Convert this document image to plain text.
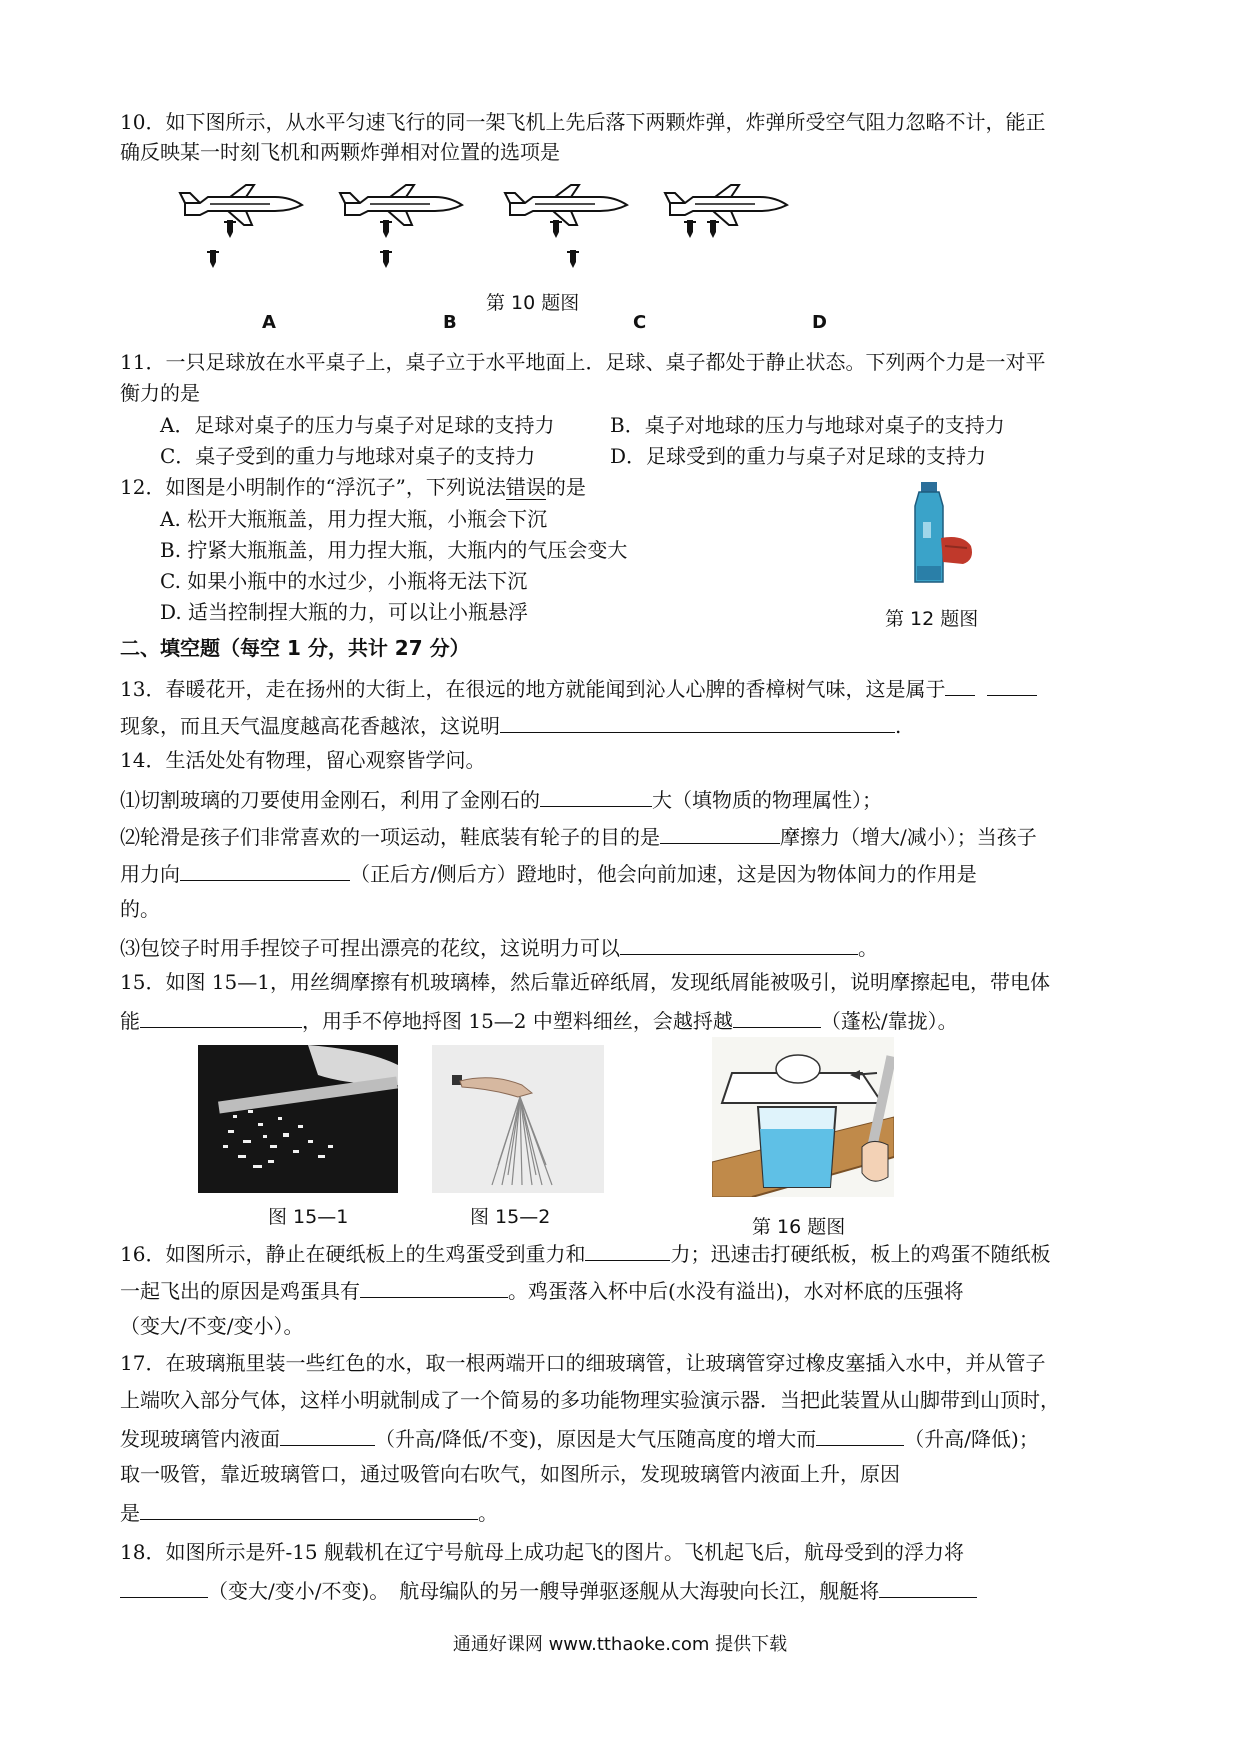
10．如下图所示，从水平匀速飞行的同一架飞机上先后落下两颗炸弹，炸弹所受空气阻力忽略不计，能正
确反映某一时刻飞机和两颗炸弹相对位置的选项是
第 10 题图
A	B	C	D
11．一只足球放在水平桌子上，桌子立于水平地面上．足球、桌子都处于静止状态。下列两个力是一对平
衡力的是
A．足球对桌子的压力与桌子对足球的支持力	B．桌子对地球的压力与地球对桌子的支持力
C．桌子受到的重力与地球对桌子的支持力	D．足球受到的重力与桌子对足球的支持力
12．如图是小明制作的“浮沉子”，下列说法错误的是
A. 松开大瓶瓶盖，用力捏大瓶，小瓶会下沉
B. 拧紧大瓶瓶盖，用力捏大瓶，大瓶内的气压会变大
C. 如果小瓶中的水过少，小瓶将无法下沉
D. 适当控制捏大瓶的力，可以让小瓶悬浮	第 12 题图
二、填空题（每空 1 分，共计 27 分）
13．春暖花开，走在扬州的大街上，在很远的地方就能闻到沁人心脾的香樟树气味，这是属于
现象，而且天气温度越高花香越浓，这说明	.
14．生活处处有物理，留心观察皆学问。
⑴切割玻璃的刀要使用金刚石，利用了金刚石的	大（填物质的物理属性）；
⑵轮滑是孩子们非常喜欢的一项运动，鞋底装有轮子的目的是	摩擦力（增大/减小）；当孩子
用力向	（正后方/侧后方）蹬地时，他会向前加速，这是因为物体间力的作用是
的。
⑶包饺子时用手捏饺子可捏出漂亮的花纹，这说明力可以	。
15．如图 15—1，用丝绸摩擦有机玻璃棒，然后靠近碎纸屑，发现纸屑能被吸引，说明摩擦起电，带电体
能	，用手不停地捋图 15—2 中塑料细丝，会越捋越	（蓬松/靠拢）。
图 15—1	图 15—2	第 16 题图
16．如图所示，静止在硬纸板上的生鸡蛋受到重力和	力；迅速击打硬纸板，板上的鸡蛋不随纸板
一起飞出的原因是鸡蛋具有	。鸡蛋落入杯中后(水没有溢出)，水对杯底的压强将
（变大/不变/变小）。
17．在玻璃瓶里装一些红色的水，取一根两端开口的细玻璃管，让玻璃管穿过橡皮塞插入水中，并从管子
上端吹入部分气体，这样小明就制成了一个简易的多功能物理实验演示器．当把此装置从山脚带到山顶时，
发现玻璃管内液面	（升高/降低/不变)，原因是大气压随高度的增大而	（升高/降低)；
取一吸管，靠近玻璃管口，通过吸管向右吹气，如图所示，发现玻璃管内液面上升，原因
是	。
18．如图所示是歼-15 舰载机在辽宁号航母上成功起飞的图片。飞机起飞后，航母受到的浮力将
（变大/变小/不变)。　航母编队的另一艘导弹驱逐舰从大海驶向长江，舰艇将
通通好课网 www.tthaoke.com 提供下载
